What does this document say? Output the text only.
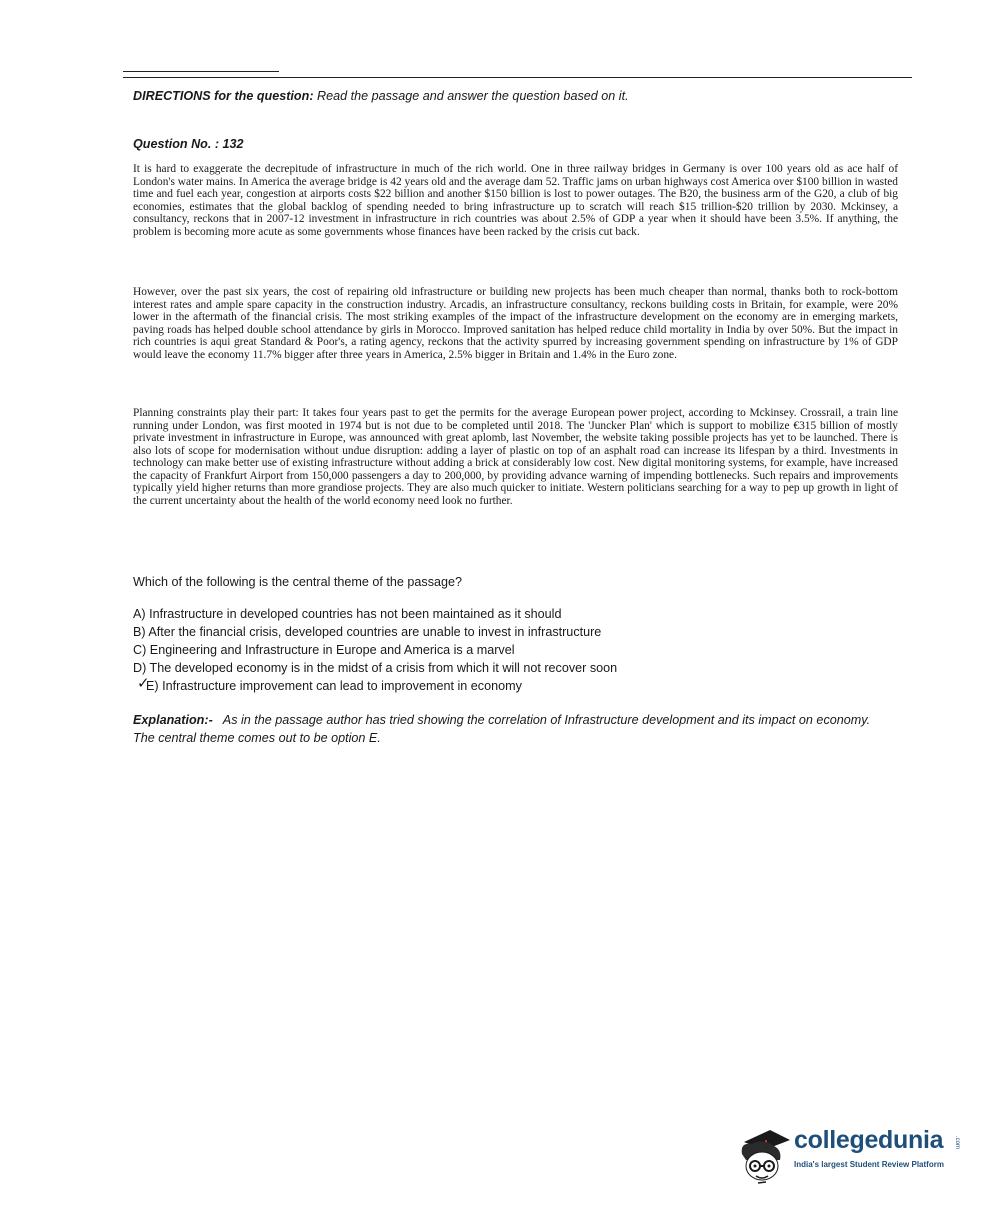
DIRECTIONS for the question: Read the passage and answer the question based on it.
Question No. : 132

It is hard to exaggerate the decrepitude of infrastructure in much of the rich world. One in three railway bridges in Germany is over 100 years old as ace half of London's water mains. In America the average bridge is 42 years old and the average dam 52. Traffic jams on urban highways cost America over $100 billion in wasted time and fuel each year, congestion at airports costs $22 billion and another $150 billion is lost to power outages. The B20, the business arm of the G20, a club of big economies, estimates that the global backlog of spending needed to bring infrastructure up to scratch will reach $15 trillion-$20 trillion by 2030. Mckinsey, a consultancy, reckons that in 2007-12 investment in infrastructure in rich countries was about 2.5% of GDP a year when it should have been 3.5%. If anything, the problem is becoming more acute as some governments whose finances have been racked by the crisis cut back.

However, over the past six years, the cost of repairing old infrastructure or building new projects has been much cheaper than normal, thanks both to rock-bottom interest rates and ample spare capacity in the construction industry. Arcadis, an infrastructure consultancy, reckons building costs in Britain, for example, were 20% lower in the aftermath of the financial crisis. The most striking examples of the impact of the infrastructure development on the economy are in emerging markets, paving roads has helped double school attendance by girls in Morocco. Improved sanitation has helped reduce child mortality in India by over 50%. But the impact in rich countries is aqui great Standard & Poor's, a rating agency, reckons that the activity spurred by increasing government spending on infrastructure by 1% of GDP would leave the economy 11.7% bigger after three years in America, 2.5% bigger in Britain and 1.4% in the Euro zone.

Planning constraints play their part: It takes four years past to get the permits for the average European power project, according to Mckinsey. Crossrail, a train line running under London, was first mooted in 1974 but is not due to be completed until 2018. The 'Juncker Plan' which is support to mobilize €315 billion of mostly private investment in infrastructure in Europe, was announced with great aplomb, last November, the website taking possible projects has yet to be launched. There is also lots of scope for modernisation without undue disruption: adding a layer of plastic on top of an asphalt road can increase its lifespan by a third. Investments in technology can make better use of existing infrastructure without adding a brick at considerably low cost. New digital monitoring systems, for example, have increased the capacity of Frankfurt Airport from 150,000 passengers a day to 200,000, by providing advance warning of impending bottlenecks. Such repairs and improvements typically yield higher returns than more grandiose projects. They are also much quicker to initiate. Western politicians searching for a way to pep up growth in light of the current uncertainty about the health of the world economy need look no further.

Which of the following is the central theme of the passage?
A) Infrastructure in developed countries has not been maintained as it should
B) After the financial crisis, developed countries are unable to invest in infrastructure
C) Engineering and Infrastructure in Europe and America is a marvel
D) The developed economy is in the midst of a crisis from which it will not recover soon
✓
E) Infrastructure improvement can lead to improvement in economy
Explanation:- As in the passage author has tried showing the correlation of Infrastructure development and its impact on economy. The central theme comes out to be option E.
collegedunia .com
India's largest Student Review Platform
